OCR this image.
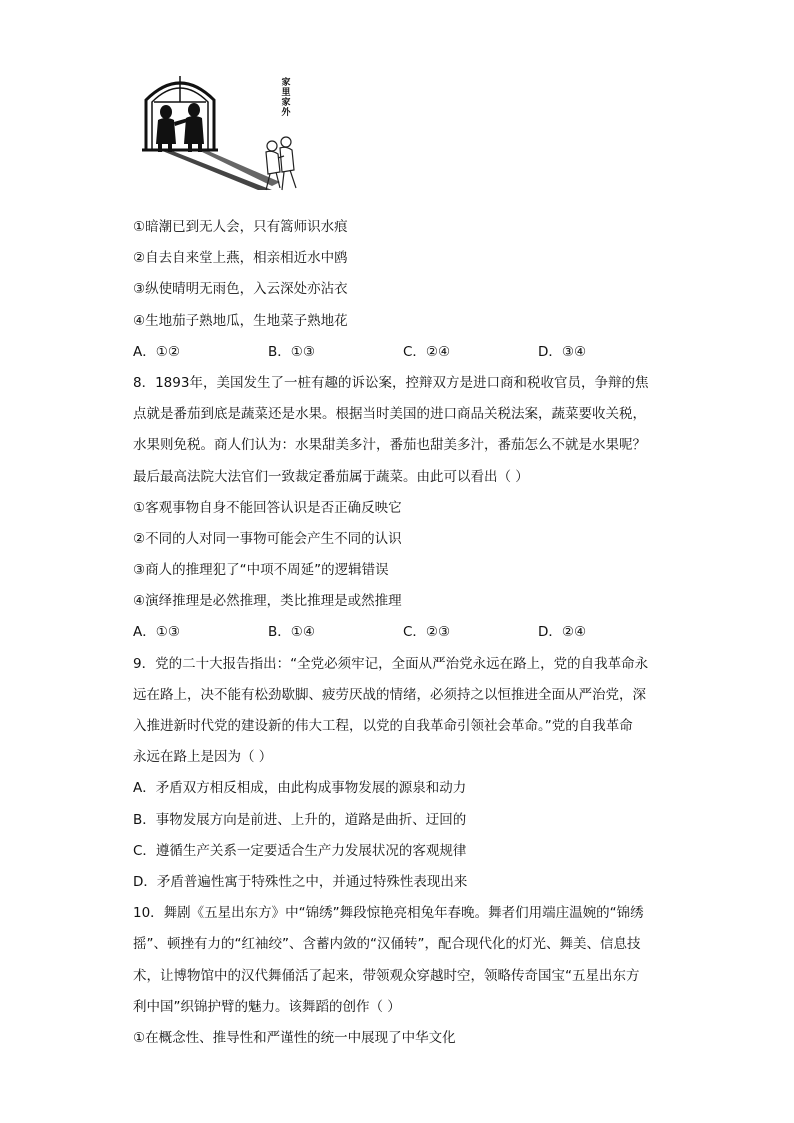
家
里
家
外
①暗潮已到无人会，只有篙师识水痕
②自去自来堂上燕，相亲相近水中鸥
③纵使晴明无雨色，入云深处亦沾衣
④生地茄子熟地瓜，生地菜子熟地花
A．①②	B．①③	C．②④	D．③④
8．1893年，美国发生了一桩有趣的诉讼案，控辩双方是进口商和税收官员，争辩的焦
点就是番茄到底是蔬菜还是水果。根据当时美国的进口商品关税法案，蔬菜要收关税，
水果则免税。商人们认为：水果甜美多汁，番茄也甜美多汁，番茄怎么不就是水果呢？
最后最高法院大法官们一致裁定番茄属于蔬菜。由此可以看出（ ）
①客观事物自身不能回答认识是否正确反映它
②不同的人对同一事物可能会产生不同的认识
③商人的推理犯了“中项不周延”的逻辑错误
④演绎推理是必然推理，类比推理是或然推理
A．①③	B．①④	C．②③	D．②④
9．党的二十大报告指出：“全党必须牢记，全面从严治党永远在路上，党的自我革命永
远在路上，决不能有松劲歇脚、疲劳厌战的情绪，必须持之以恒推进全面从严治党，深
入推进新时代党的建设新的伟大工程，以党的自我革命引领社会革命。”党的自我革命
永远在路上是因为（ ）
A．矛盾双方相反相成，由此构成事物发展的源泉和动力
B．事物发展方向是前进、上升的，道路是曲折、迂回的
C．遵循生产关系一定要适合生产力发展状况的客观规律
D．矛盾普遍性寓于特殊性之中，并通过特殊性表现出来
10．舞剧《五星出东方》中“锦绣”舞段惊艳亮相兔年春晚。舞者们用端庄温婉的“锦绣
摇”、顿挫有力的“红袖绞”、含蓄内敛的“汉俑转”，配合现代化的灯光、舞美、信息技
术，让博物馆中的汉代舞俑活了起来，带领观众穿越时空，领略传奇国宝“五星出东方
利中国”织锦护臂的魅力。该舞蹈的创作（ ）
①在概念性、推导性和严谨性的统一中展现了中华文化
